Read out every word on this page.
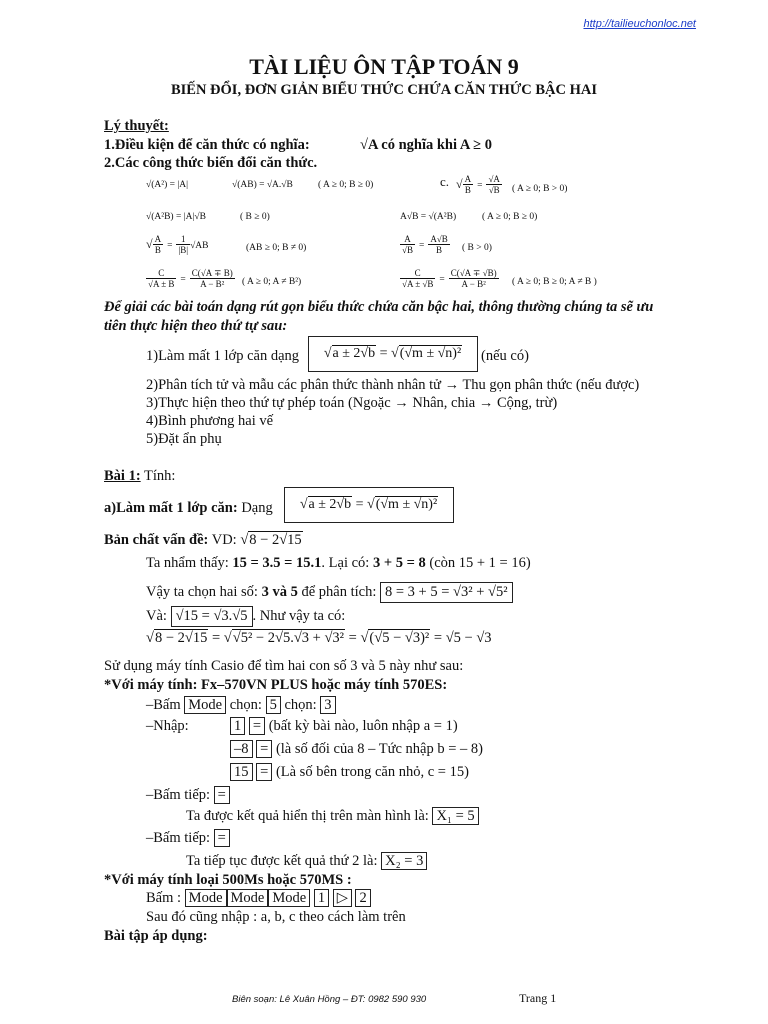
http://tailieuchonloc.net
TÀI LIỆU ÔN TẬP TOÁN 9
BIẾN ĐỔI, ĐƠN GIẢN BIỂU THỨC CHỨA CĂN THỨC BẬC HAI
Lý thuyết:
1.Điều kiện để căn thức có nghĩa:	√A có nghĩa khi A ≥ 0
2.Các công thức biến đổi căn thức.
√(A²) = |A|	√(AB) = √A.√B	( A ≥ 0; B ≥ 0)	c. √ $\frac{A}{B} = \frac{√A}{√B}$ ( A ≥ 0; B > 0)
√(A²B) = |A|√B	( B ≥ 0)	A√B = √(A²B)	( A ≥ 0; B ≥ 0)
√ $\frac{A}{B} = \frac{1}{|B|} √AB$	(AB ≥ 0; B ≠ 0)	$\frac{A}{√B} = \frac{A√B}{B}$ ( B > 0)
$\frac{C}{√A \pm B} = \frac{C(√A \mp B)}{\text{A − B²}}$ ( A ≥ 0; A ≠ B²)	$\frac{C}{√A \pm √B} = \frac{C(√A \mp √B)}{\text{A − B²}}$ ( A ≥ 0; B ≥ 0; A ≠ B )
Để giải các bài toán dạng rút gọn biểu thức chứa căn bậc hai, thông thường chúng ta sẽ ưu
tiên thực hiện theo thứ tự sau:
1)Làm mất 1 lớp căn dạng	√a ± 2√b = √(√m ± √n)²	(nếu có)
2)Phân tích tử và mẫu các phân thức thành nhân tử → Thu gọn phân thức (nếu được)
3)Thực hiện theo thứ tự phép toán (Ngoặc → Nhân, chia → Cộng, trừ)
4)Bình phương hai vế
5)Đặt ẩn phụ
Bài 1: Tính:
a)Làm mất 1 lớp căn: Dạng	√a ± 2√b = √(√m ± √n)²
Bản chất vấn đề: VD: √8 − 2√15
Ta nhẩm thấy: 15 = 3.5 = 15.1. Lại có: 3 + 5 = 8 (còn 15 + 1 = 16)
Vậy ta chọn hai số: 3 và 5 để phân tích: 8 = 3 + 5 = √3² + √5²
Và: √15 = √3.√5 . Như vậy ta có:
√8 − 2√15 = √√5² − 2√5.√3 + √3² = √(√5 − √3)² = √5 − √3
Sử dụng máy tính Casio để tìm hai con số 3 và 5 này như sau:
*Với máy tính: Fx–570VN PLUS hoặc máy tính 570ES:
–Bấm Mode chọn: 5 chọn: 3
–Nhập:	1 = (bất kỳ bài nào, luôn nhập a = 1)
–8 = (là số đối của 8 – Tức nhập b = – 8)
15 = (Là số bên trong căn nhỏ, c = 15)
–Bấm tiếp: =
Ta được kết quả hiển thị trên màn hình là: X₁ = 5
–Bấm tiếp: =
Ta tiếp tục được kết quả thứ 2 là: X₂ = 3
*Với máy tính loại 500Ms hoặc 570MS :
Bấm : Mode Mode Mode 1 ▷ 2
Sau đó cũng nhập : a, b, c theo cách làm trên
Bài tập áp dụng:
Biên soạn: Lê Xuân Hồng – ĐT: 0982 590 930	Trang 1
